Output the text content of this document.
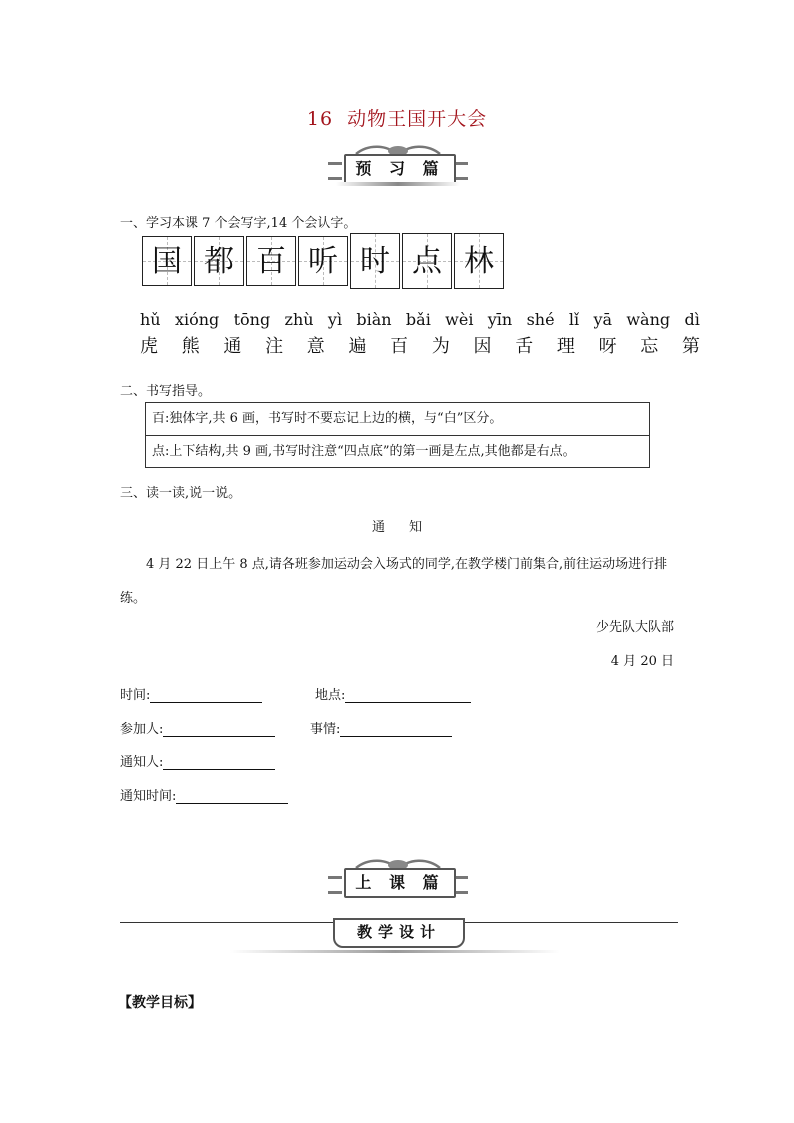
16 动物王国开大会
预 习 篇
一、学习本课 7 个会写字,14 个会认字。
国 都 百 听 时 点 林
hǔ xióng tōng zhù yì biàn bǎi wèi yīn shé lǐ yā wàng dì
虎 熊 通 注 意 遍 百 为 因 舌 理 呀 忘 第
二、书写指导。
百:独体字,共 6 画，书写时不要忘记上边的横，与“白”区分。
点:上下结构,共 9 画,书写时注意“四点底”的第一画是左点,其他都是右点。
三、读一读,说一说。
通知
4 月 22 日上午 8 点,请各班参加运动会入场式的同学,在教学楼门前集合,前往运动场进行排练。
少先队大队部
4 月 20 日
时间:	地点:
参加人:	事情:
通知人:
通知时间:
上 课 篇
教学设计
【教学目标】
